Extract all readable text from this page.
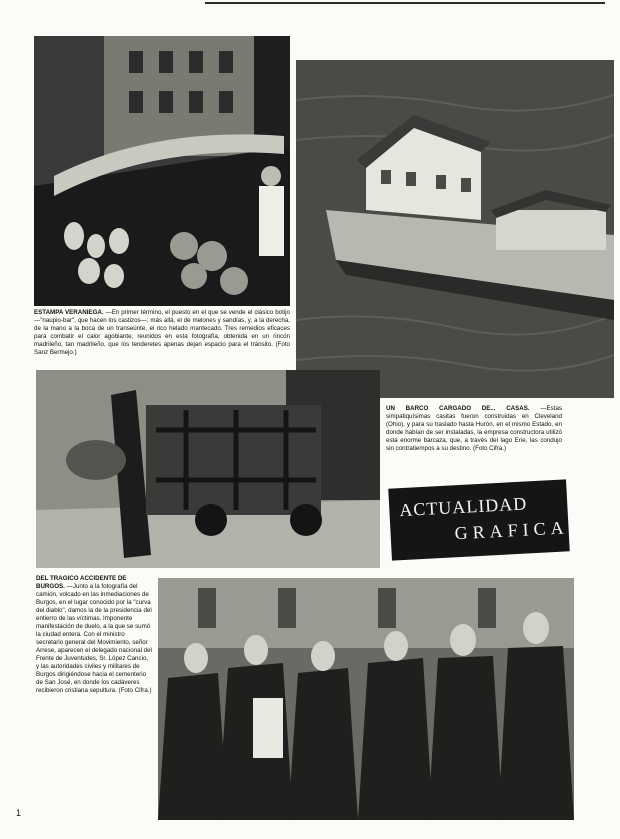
ESTAMPA VERANIEGA. —En primer término, el puesto en el que se vende el clásico botijo—"naupio-bar", que hacen los castizos—; más allá, el de melones y sandías, y, a la derecha, de la mano a la boca de un transeúnte, el rico helado mantecado. Tres remedios eficaces para combatir el calor agobiante, reunidos en esta fotografía, obtenida en un rincón madrileño, tan madrileño, que los tenderetes apenas dejan espacio para el tránsito. (Foto Sanz Bermejo.)
UN BARCO CARGADO DE... CASAS. —Estas simpatiquísimas casitas fueron construidas en Cleveland (Ohio), y para su traslado hasta Hurón, en el mismo Estado, en donde habían de ser instaladas, la empresa constructora utilizó esta enorme barcaza, que, a través del lago Erie, las condujo sin contratiempos a su destino. (Foto Cifra.)
ACTUALIDAD
GRAFICA
DEL TRAGICO ACCIDENTE DE BURGOS. —Junto a la fotografía del camión, volcado en las inmediaciones de Burgos, en el lugar conocido por la "curva del diablo", damos la de la presidencia del entierro de las víctimas. Imponente manifestación de duelo, a la que se sumó la ciudad entera. Con el ministro secretario general del Movimiento, señor Arrese, aparecen el delegado nacional del Frente de Juventudes, Sr. López Cancio, y las autoridades civiles y militares de Burgos dirigiéndose hacia el cementerio de San José, en donde los cadáveres recibieron cristiana sepultura. (Foto Cifra.)
1
